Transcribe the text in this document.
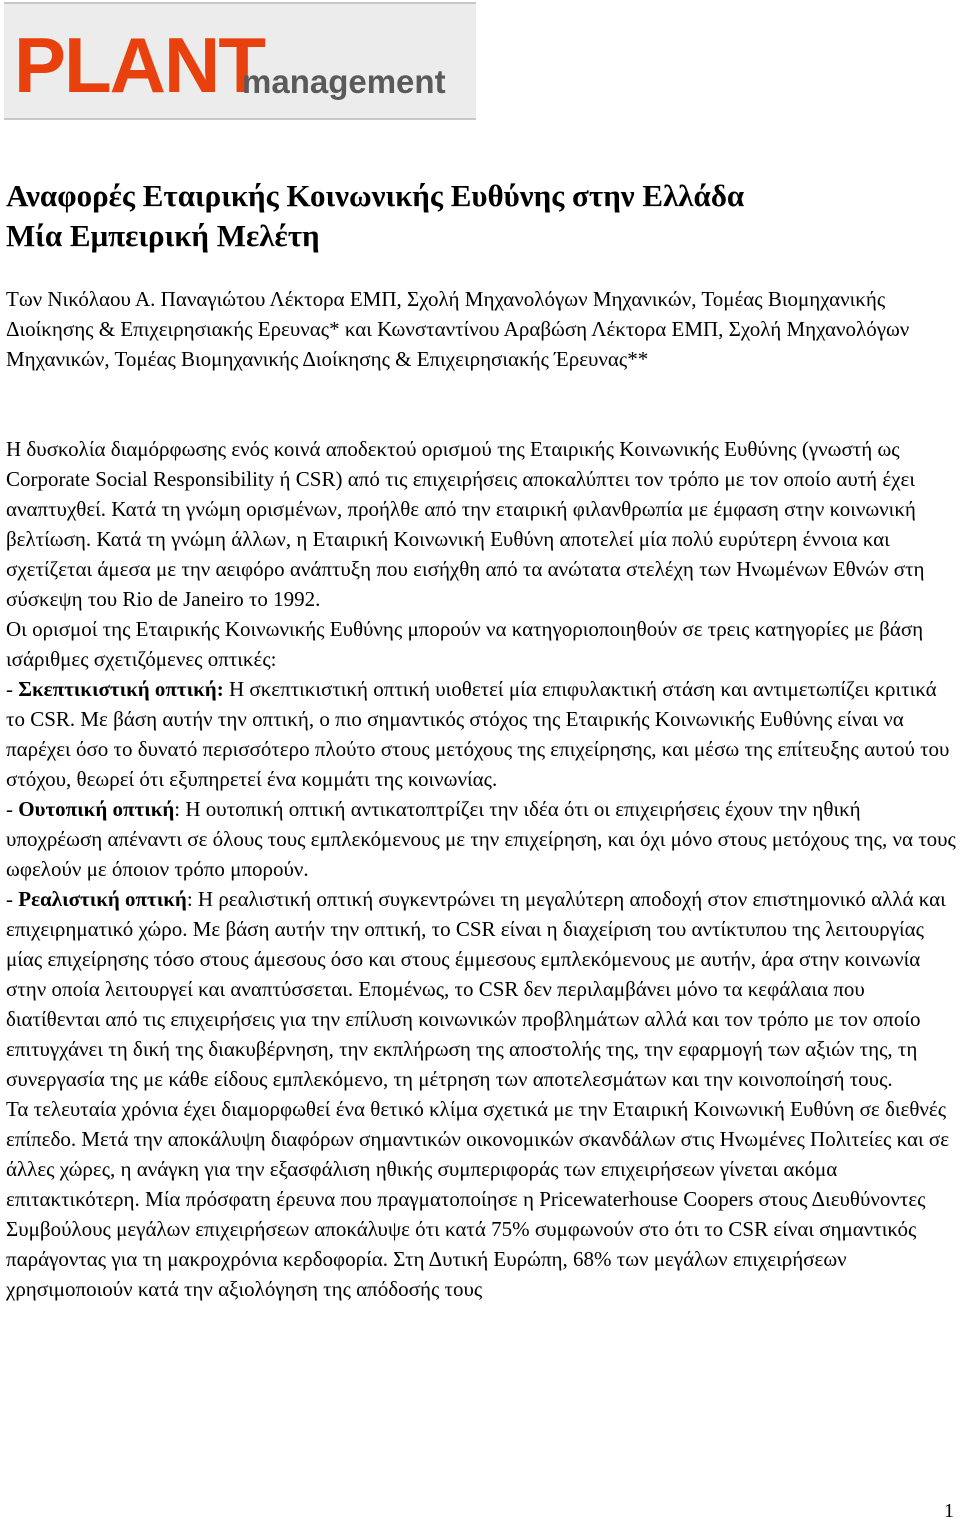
PLANT
management
Αναφορές Εταιρικής Κοινωνικής Ευθύνης στην Ελλάδα
Μία Εμπειρική Μελέτη

Των Νικόλαου Α. Παναγιώτου Λέκτορα ΕΜΠ, Σχολή Μηχανολόγων Μηχανικών, Τομέας Βιομηχανικής Διοίκησης & Επιχειρησιακής Ερευνας* και Κωνσταντίνου Αραβώση Λέκτορα ΕΜΠ, Σχολή Μηχανολόγων Μηχανικών, Τομέας Βιομηχανικής Διοίκησης & Επιχειρησιακής Έρευνας**

Η δυσκολία διαμόρφωσης ενός κοινά αποδεκτού ορισμού της Εταιρικής Κοινωνικής Ευθύνης (γνωστή ως Corporate Social Responsibility ή CSR) από τις επιχειρήσεις αποκαλύπτει τον τρόπο με τον οποίο αυτή έχει αναπτυχθεί. Κατά τη γνώμη ορισμένων, προήλθε από την εταιρική φιλανθρωπία με έμφαση στην κοινωνική βελτίωση. Κατά τη γνώμη άλλων, η Εταιρική Κοινωνική Ευθύνη αποτελεί μία πολύ ευρύτερη έννοια και σχετίζεται άμεσα με την αειφόρο ανάπτυξη που εισήχθη από τα ανώτατα στελέχη των Ηνωμένων Εθνών στη σύσκεψη του Rio de Janeiro το 1992.

Οι ορισμοί της Εταιρικής Κοινωνικής Ευθύνης μπορούν να κατηγοριοποιηθούν σε τρεις κατηγορίες με βάση ισάριθμες σχετιζόμενες οπτικές:

- Σκεπτικιστική οπτική: Η σκεπτικιστική οπτική υιοθετεί μία επιφυλακτική στάση και αντιμετωπίζει κριτικά το CSR. Με βάση αυτήν την οπτική, ο πιο σημαντικός στόχος της Εταιρικής Κοινωνικής Ευθύνης είναι να παρέχει όσο το δυνατό περισσότερο πλούτο στους μετόχους της επιχείρησης, και μέσω της επίτευξης αυτού του στόχου, θεωρεί ότι εξυπηρετεί ένα κομμάτι της κοινωνίας.

- Ουτοπική οπτική: Η ουτοπική οπτική αντικατοπτρίζει την ιδέα ότι οι επιχειρήσεις έχουν την ηθική υποχρέωση απέναντι σε όλους τους εμπλεκόμενους με την επιχείρηση, και όχι μόνο στους μετόχους της, να τους ωφελούν με όποιον τρόπο μπορούν.

- Ρεαλιστική οπτική: Η ρεαλιστική οπτική συγκεντρώνει τη μεγαλύτερη αποδοχή στον επιστημονικό αλλά και επιχειρηματικό χώρο. Με βάση αυτήν την οπτική, το CSR είναι η διαχείριση του αντίκτυπου της λειτουργίας μίας επιχείρησης τόσο στους άμεσους όσο και στους έμμεσους εμπλεκόμενους με αυτήν, άρα στην κοινωνία στην οποία λειτουργεί και αναπτύσσεται. Επομένως, το CSR δεν περιλαμβάνει μόνο τα κεφάλαια που διατίθενται από τις επιχειρήσεις για την επίλυση κοινωνικών προβλημάτων αλλά και τον τρόπο με τον οποίο επιτυγχάνει τη δική της διακυβέρνηση, την εκπλήρωση της αποστολής της, την εφαρμογή των αξιών της, τη συνεργασία της με κάθε είδους εμπλεκόμενο, τη μέτρηση των αποτελεσμάτων και την κοινοποίησή τους.

Τα τελευταία χρόνια έχει διαμορφωθεί ένα θετικό κλίμα σχετικά με την Εταιρική Κοινωνική Ευθύνη σε διεθνές επίπεδο. Μετά την αποκάλυψη διαφόρων σημαντικών οικονομικών σκανδάλων στις Ηνωμένες Πολιτείες και σε άλλες χώρες, η ανάγκη για την εξασφάλιση ηθικής συμπεριφοράς των επιχειρήσεων γίνεται ακόμα επιτακτικότερη. Μία πρόσφατη έρευνα που πραγματοποίησε η Pricewaterhouse Coopers στους Διευθύνοντες Συμβούλους μεγάλων επιχειρήσεων αποκάλυψε ότι κατά 75% συμφωνούν στο ότι το CSR είναι σημαντικός παράγοντας για τη μακροχρόνια κερδοφορία. Στη Δυτική Ευρώπη, 68% των μεγάλων επιχειρήσεων χρησιμοποιούν κατά την αξιολόγηση της απόδοσής τους

1
